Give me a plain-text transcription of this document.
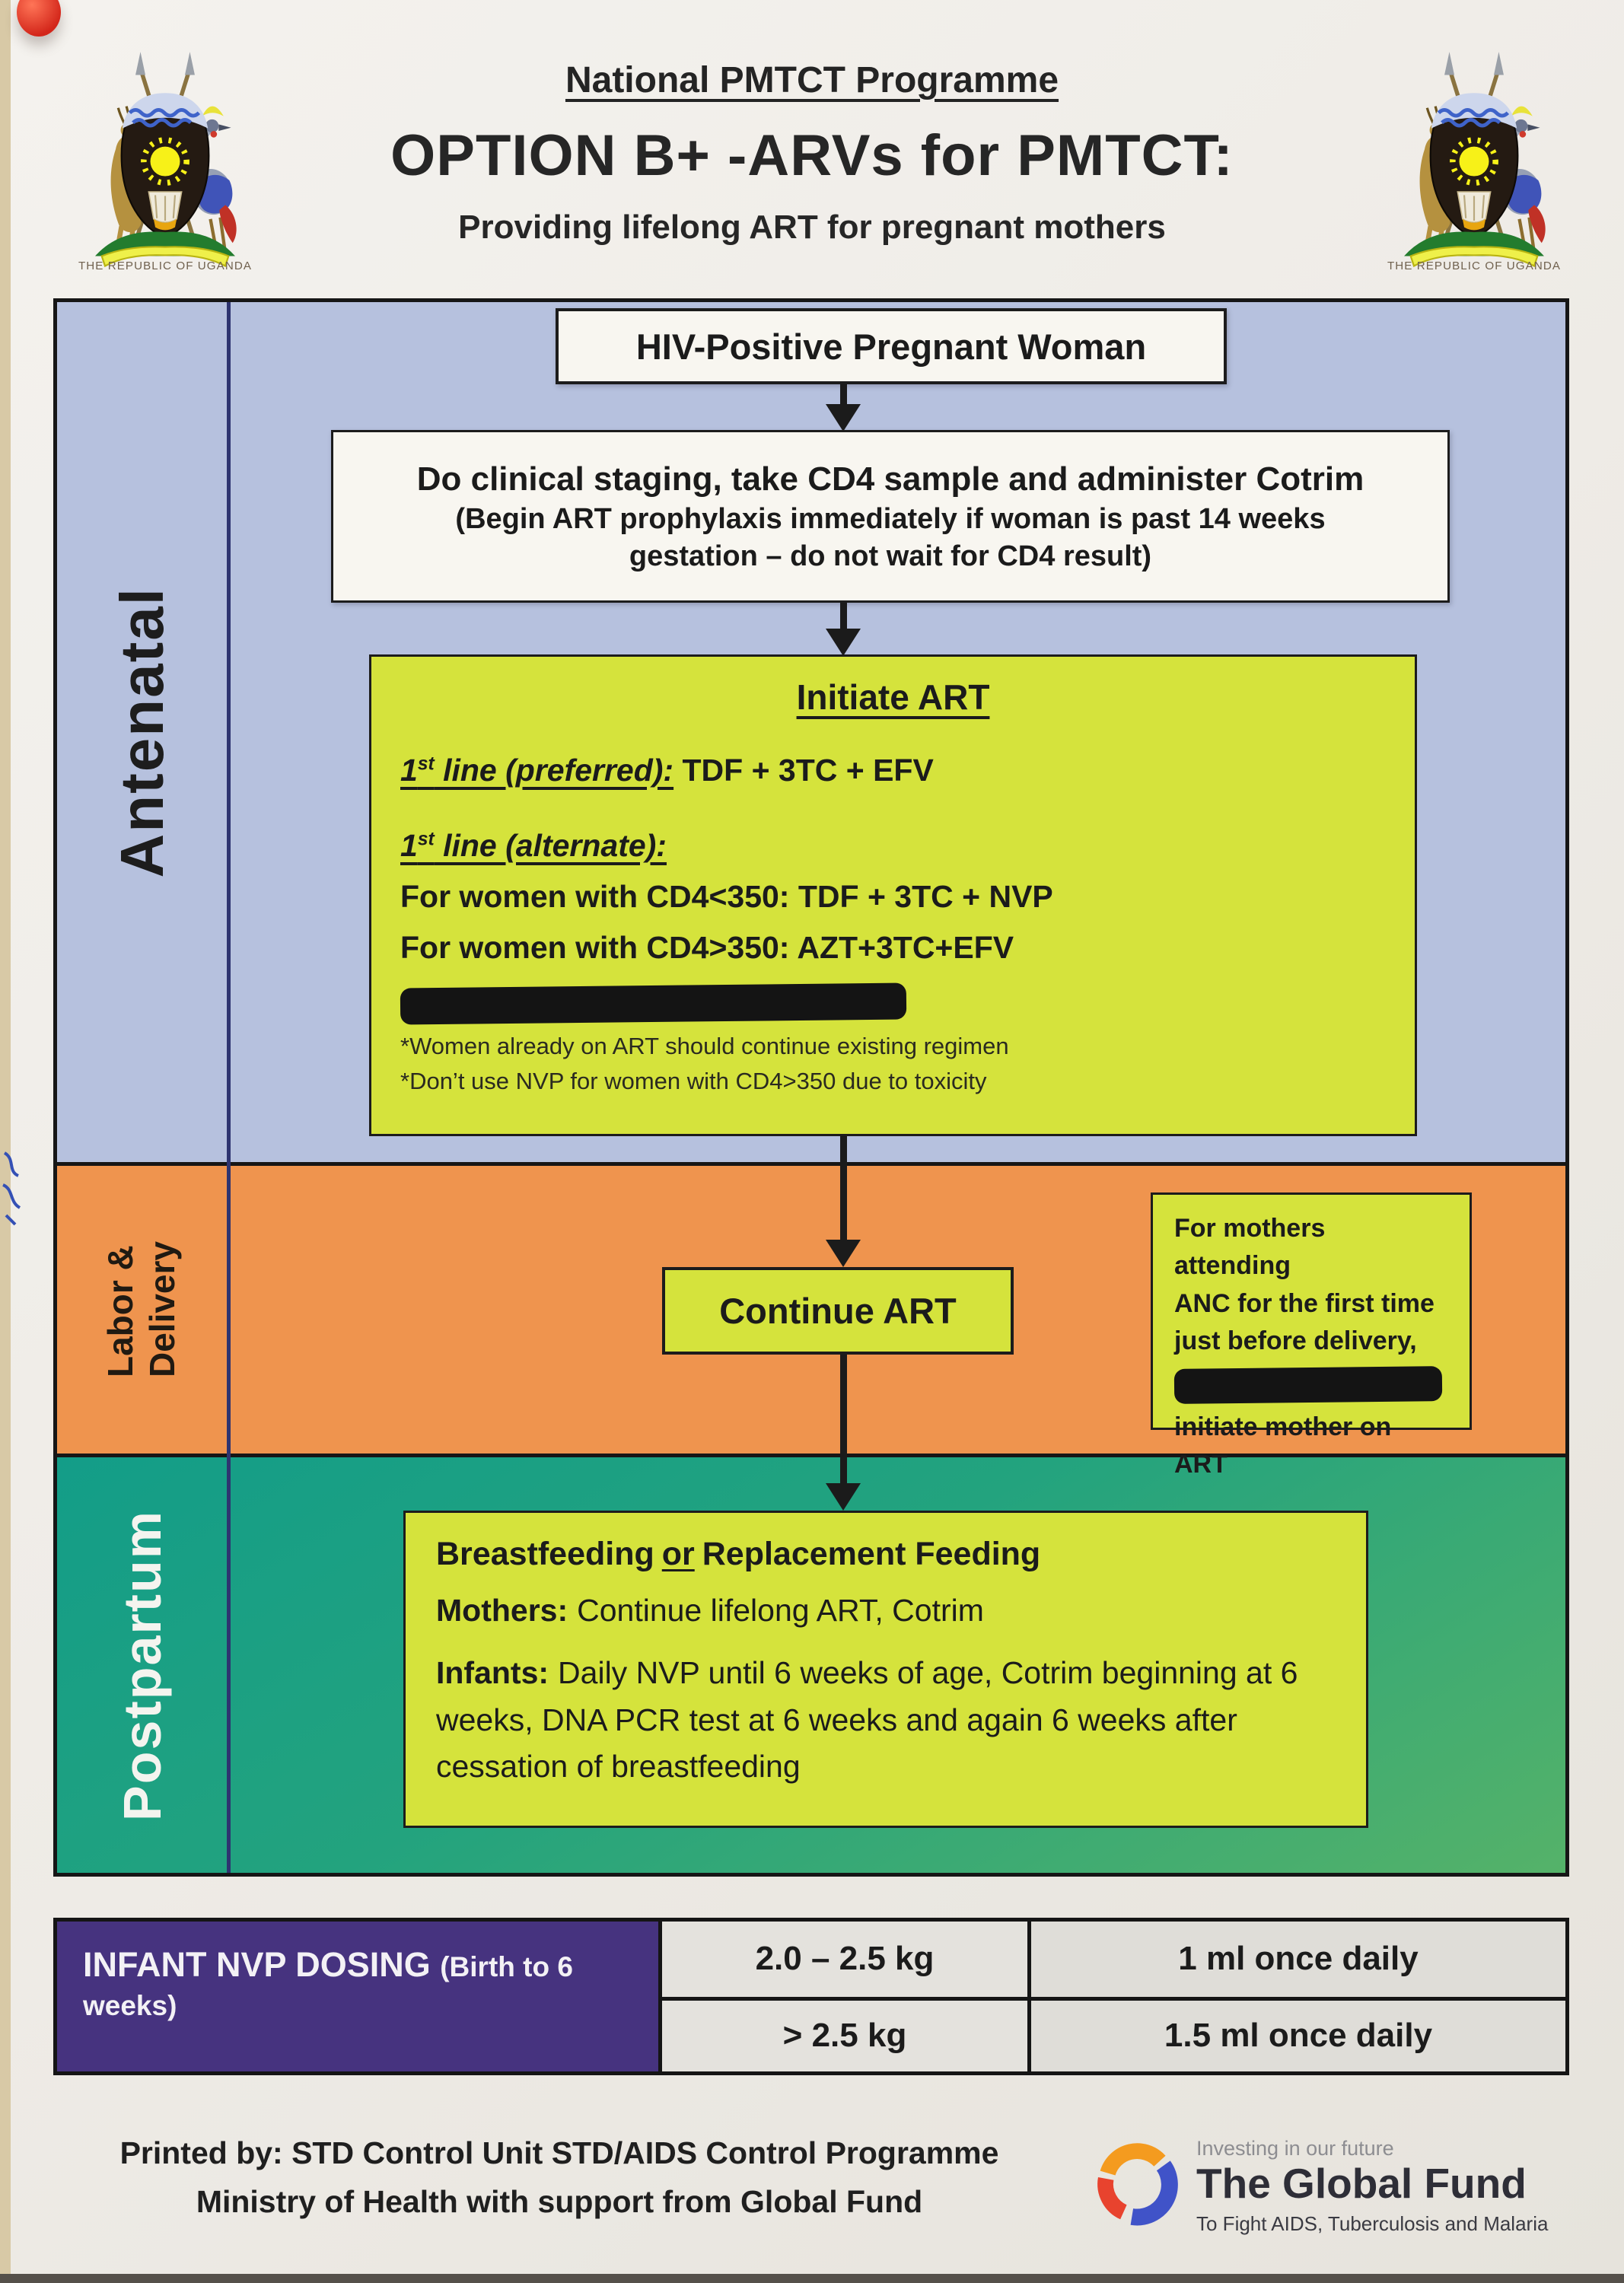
THE REPUBLIC OF UGANDA
National PMTCT Programme
OPTION B+ -ARVs for PMTCT:
Providing lifelong ART for pregnant mothers
THE REPUBLIC OF UGANDA
Antenatal
Labor & Delivery
Postpartum
HIV-Positive Pregnant Woman
Do clinical staging, take CD4 sample and administer Cotrim
(Begin ART prophylaxis immediately if woman is past 14 weeks
gestation – do not wait for CD4 result)
Initiate ART
1st line (preferred): TDF + 3TC + EFV
1st line (alternate):
For women with CD4<350: TDF + 3TC + NVP
For women with CD4>350: AZT+3TC+EFV
*Women already on ART should continue existing regimen
*Don’t use NVP for women with CD4>350 due to toxicity
Continue ART
For mothers attending
ANC for the first time
just before delivery,
initiate mother on ART
Breastfeeding or Replacement Feeding
Mothers: Continue lifelong ART, Cotrim
Infants: Daily NVP until 6 weeks of age, Cotrim beginning at 6 weeks, DNA PCR test at 6 weeks and again 6 weeks after cessation of breastfeeding
INFANT NVP DOSING (Birth to 6 weeks)
2.0 – 2.5 kg	1 ml once daily
> 2.5 kg	1.5 ml once daily
Printed by: STD Control Unit STD/AIDS Control Programme
Ministry of Health with support from Global Fund
Investing in our future
The Global Fund
To Fight AIDS, Tuberculosis and Malaria
